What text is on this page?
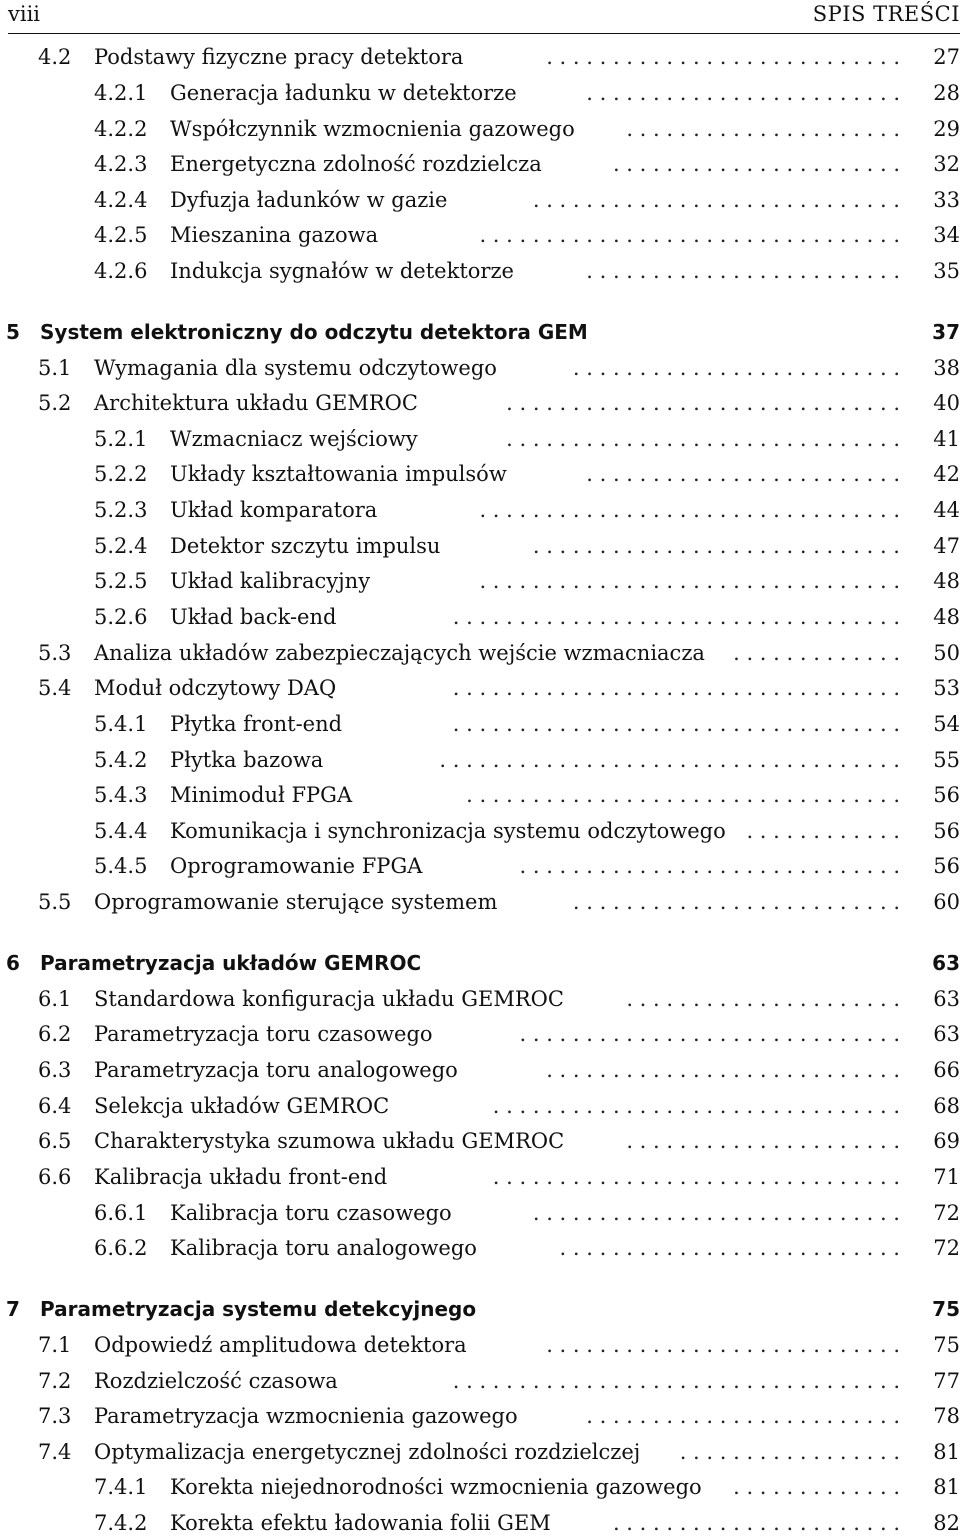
viii	SPIS TREŚCI
4.2 Podstawy fizyczne pracy detektora	. . . . . . . . . . . . . . . . . . . . . . . . . . .	27
4.2.1 Generacja ładunku w detektorze	. . . . . . . . . . . . . . . . . . . . . . . .	28
4.2.2 Współczynnik wzmocnienia gazowego	. . . . . . . . . . . . . . . . . . . . .	29
4.2.3 Energetyczna zdolność rozdzielcza	. . . . . . . . . . . . . . . . . . . . . .	32
4.2.4 Dyfuzja ładunków w gazie	. . . . . . . . . . . . . . . . . . . . . . . . . . . .	33
4.2.5 Mieszanina gazowa	. . . . . . . . . . . . . . . . . . . . . . . . . . . . . . . .	34
4.2.6 Indukcja sygnałów w detektorze	. . . . . . . . . . . . . . . . . . . . . . . .	35
5 System elektroniczny do odczytu detektora GEM	37
5.1 Wymagania dla systemu odczytowego	. . . . . . . . . . . . . . . . . . . . . . . . .	38
5.2 Architektura układu GEMROC	. . . . . . . . . . . . . . . . . . . . . . . . . . . . . .	40
5.2.1 Wzmacniacz wejściowy	. . . . . . . . . . . . . . . . . . . . . . . . . . . . . .	41
5.2.2 Układy kształtowania impulsów	. . . . . . . . . . . . . . . . . . . . . . . .	42
5.2.3 Układ komparatora	. . . . . . . . . . . . . . . . . . . . . . . . . . . . . . . .	44
5.2.4 Detektor szczytu impulsu	. . . . . . . . . . . . . . . . . . . . . . . . . . . .	47
5.2.5 Układ kalibracyjny	. . . . . . . . . . . . . . . . . . . . . . . . . . . . . . . .	48
5.2.6 Układ back-end	. . . . . . . . . . . . . . . . . . . . . . . . . . . . . . . . . .	48
5.3 Analiza układów zabezpieczających wejście wzmacniacza	. . . . . . . . . . . . .	50
5.4 Moduł odczytowy DAQ	. . . . . . . . . . . . . . . . . . . . . . . . . . . . . . . . . .	53
5.4.1 Płytka front-end	. . . . . . . . . . . . . . . . . . . . . . . . . . . . . . . . . .	54
5.4.2 Płytka bazowa	. . . . . . . . . . . . . . . . . . . . . . . . . . . . . . . . . . .	55
5.4.3 Minimoduł FPGA	. . . . . . . . . . . . . . . . . . . . . . . . . . . . . . . . .	56
5.4.4 Komunikacja i synchronizacja systemu odczytowego . . . . . . . . . . . .	56
5.4.5 Oprogramowanie FPGA	. . . . . . . . . . . . . . . . . . . . . . . . . . . . .	56
5.5 Oprogramowanie sterujące systemem	. . . . . . . . . . . . . . . . . . . . . . . . .	60
6 Parametryzacja układów GEMROC	63
6.1 Standardowa konfiguracja układu GEMROC	. . . . . . . . . . . . . . . . . . . . .	63
6.2 Parametryzacja toru czasowego	. . . . . . . . . . . . . . . . . . . . . . . . . . . . .	63
6.3 Parametryzacja toru analogowego	. . . . . . . . . . . . . . . . . . . . . . . . . . .	66
6.4 Selekcja układów GEMROC	. . . . . . . . . . . . . . . . . . . . . . . . . . . . . . .	68
6.5 Charakterystyka szumowa układu GEMROC	. . . . . . . . . . . . . . . . . . . . .	69
6.6 Kalibracja układu front-end	. . . . . . . . . . . . . . . . . . . . . . . . . . . . . . .	71
6.6.1 Kalibracja toru czasowego	. . . . . . . . . . . . . . . . . . . . . . . . . . . .	72
6.6.2 Kalibracja toru analogowego	. . . . . . . . . . . . . . . . . . . . . . . . . .	72
7 Parametryzacja systemu detekcyjnego	75
7.1 Odpowiedź amplitudowa detektora	. . . . . . . . . . . . . . . . . . . . . . . . . . .	75
7.2 Rozdzielczość czasowa	. . . . . . . . . . . . . . . . . . . . . . . . . . . . . . . . . .	77
7.3 Parametryzacja wzmocnienia gazowego	. . . . . . . . . . . . . . . . . . . . . . . .	78
7.4 Optymalizacja energetycznej zdolności rozdzielczej	. . . . . . . . . . . . . . . . .	81
7.4.1 Korekta niejednorodności wzmocnienia gazowego	. . . . . . . . . . . . .	81
7.4.2 Korekta efektu ładowania folii GEM	. . . . . . . . . . . . . . . . . . . . . .	82
